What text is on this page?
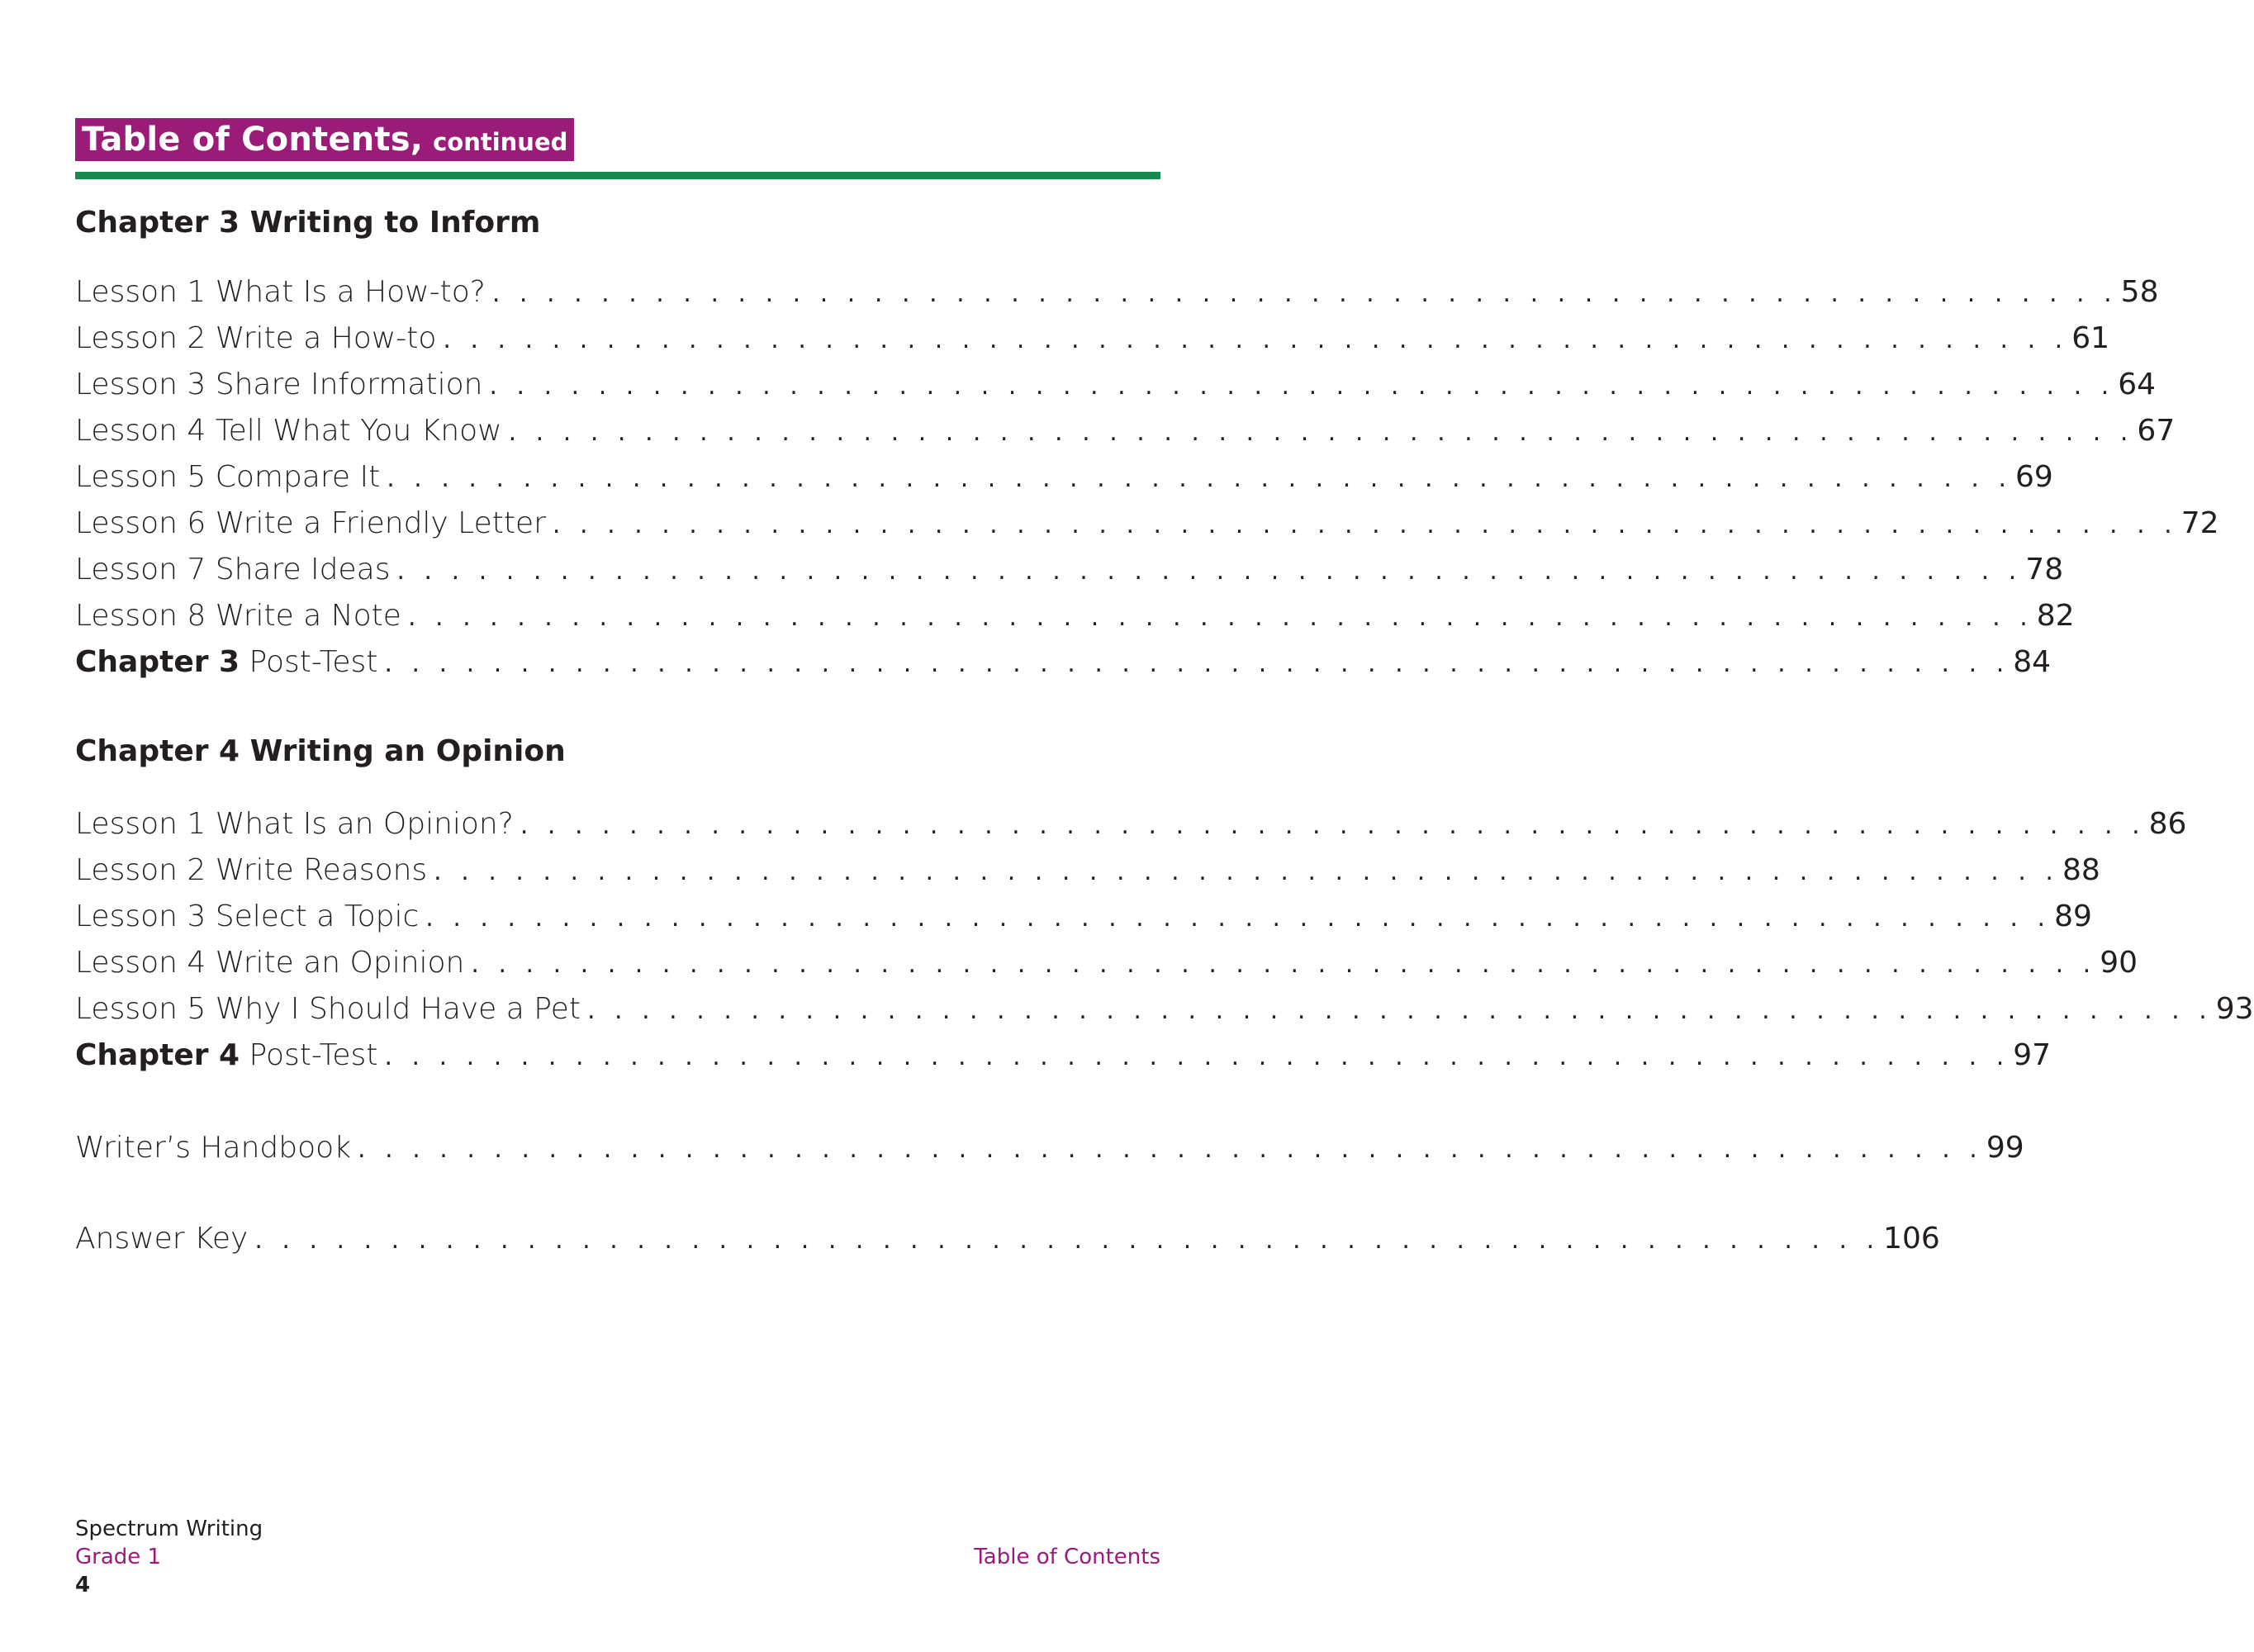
Table of Contents, continued
Chapter 3 Writing to Inform
Lesson 1 What Is a How-to? . . . . . . . . . . . . . . . . . . . . . . . . . . . . . . . . . . . . . . . . . . . . . . . . . . . . . . . . . . . . 58
Lesson 2 Write a How-to . . . . . . . . . . . . . . . . . . . . . . . . . . . . . . . . . . . . . . . . . . . . . . . . . . . . . . . . . . . . 61
Lesson 3 Share Information . . . . . . . . . . . . . . . . . . . . . . . . . . . . . . . . . . . . . . . . . . . . . . . . . . . . . . . . . . . . 64
Lesson 4 Tell What You Know . . . . . . . . . . . . . . . . . . . . . . . . . . . . . . . . . . . . . . . . . . . . . . . . . . . . . . . . . . . . 67
Lesson 5 Compare It . . . . . . . . . . . . . . . . . . . . . . . . . . . . . . . . . . . . . . . . . . . . . . . . . . . . . . . . . . . . 69
Lesson 6 Write a Friendly Letter . . . . . . . . . . . . . . . . . . . . . . . . . . . . . . . . . . . . . . . . . . . . . . . . . . . . . . . . . . . . 72
Lesson 7 Share Ideas . . . . . . . . . . . . . . . . . . . . . . . . . . . . . . . . . . . . . . . . . . . . . . . . . . . . . . . . . . . . 78
Lesson 8 Write a Note . . . . . . . . . . . . . . . . . . . . . . . . . . . . . . . . . . . . . . . . . . . . . . . . . . . . . . . . . . . . 82
Chapter 3 Post-Test . . . . . . . . . . . . . . . . . . . . . . . . . . . . . . . . . . . . . . . . . . . . . . . . . . . . . . . . . . . . 84
Chapter 4 Writing an Opinion
Lesson 1 What Is an Opinion? . . . . . . . . . . . . . . . . . . . . . . . . . . . . . . . . . . . . . . . . . . . . . . . . . . . . . . . . . . . . 86
Lesson 2 Write Reasons . . . . . . . . . . . . . . . . . . . . . . . . . . . . . . . . . . . . . . . . . . . . . . . . . . . . . . . . . . . . 88
Lesson 3 Select a Topic . . . . . . . . . . . . . . . . . . . . . . . . . . . . . . . . . . . . . . . . . . . . . . . . . . . . . . . . . . . . 89
Lesson 4 Write an Opinion . . . . . . . . . . . . . . . . . . . . . . . . . . . . . . . . . . . . . . . . . . . . . . . . . . . . . . . . . . . . 90
Lesson 5 Why I Should Have a Pet . . . . . . . . . . . . . . . . . . . . . . . . . . . . . . . . . . . . . . . . . . . . . . . . . . . . . . . . . . . . 93
Chapter 4 Post-Test . . . . . . . . . . . . . . . . . . . . . . . . . . . . . . . . . . . . . . . . . . . . . . . . . . . . . . . . . . . . 97
Writer’s Handbook . . . . . . . . . . . . . . . . . . . . . . . . . . . . . . . . . . . . . . . . . . . . . . . . . . . . . . . . . . . . 99
Answer Key . . . . . . . . . . . . . . . . . . . . . . . . . . . . . . . . . . . . . . . . . . . . . . . . . . . . . . . . . . . . 106
Spectrum Writing
Grade 1
4
Table of Contents
